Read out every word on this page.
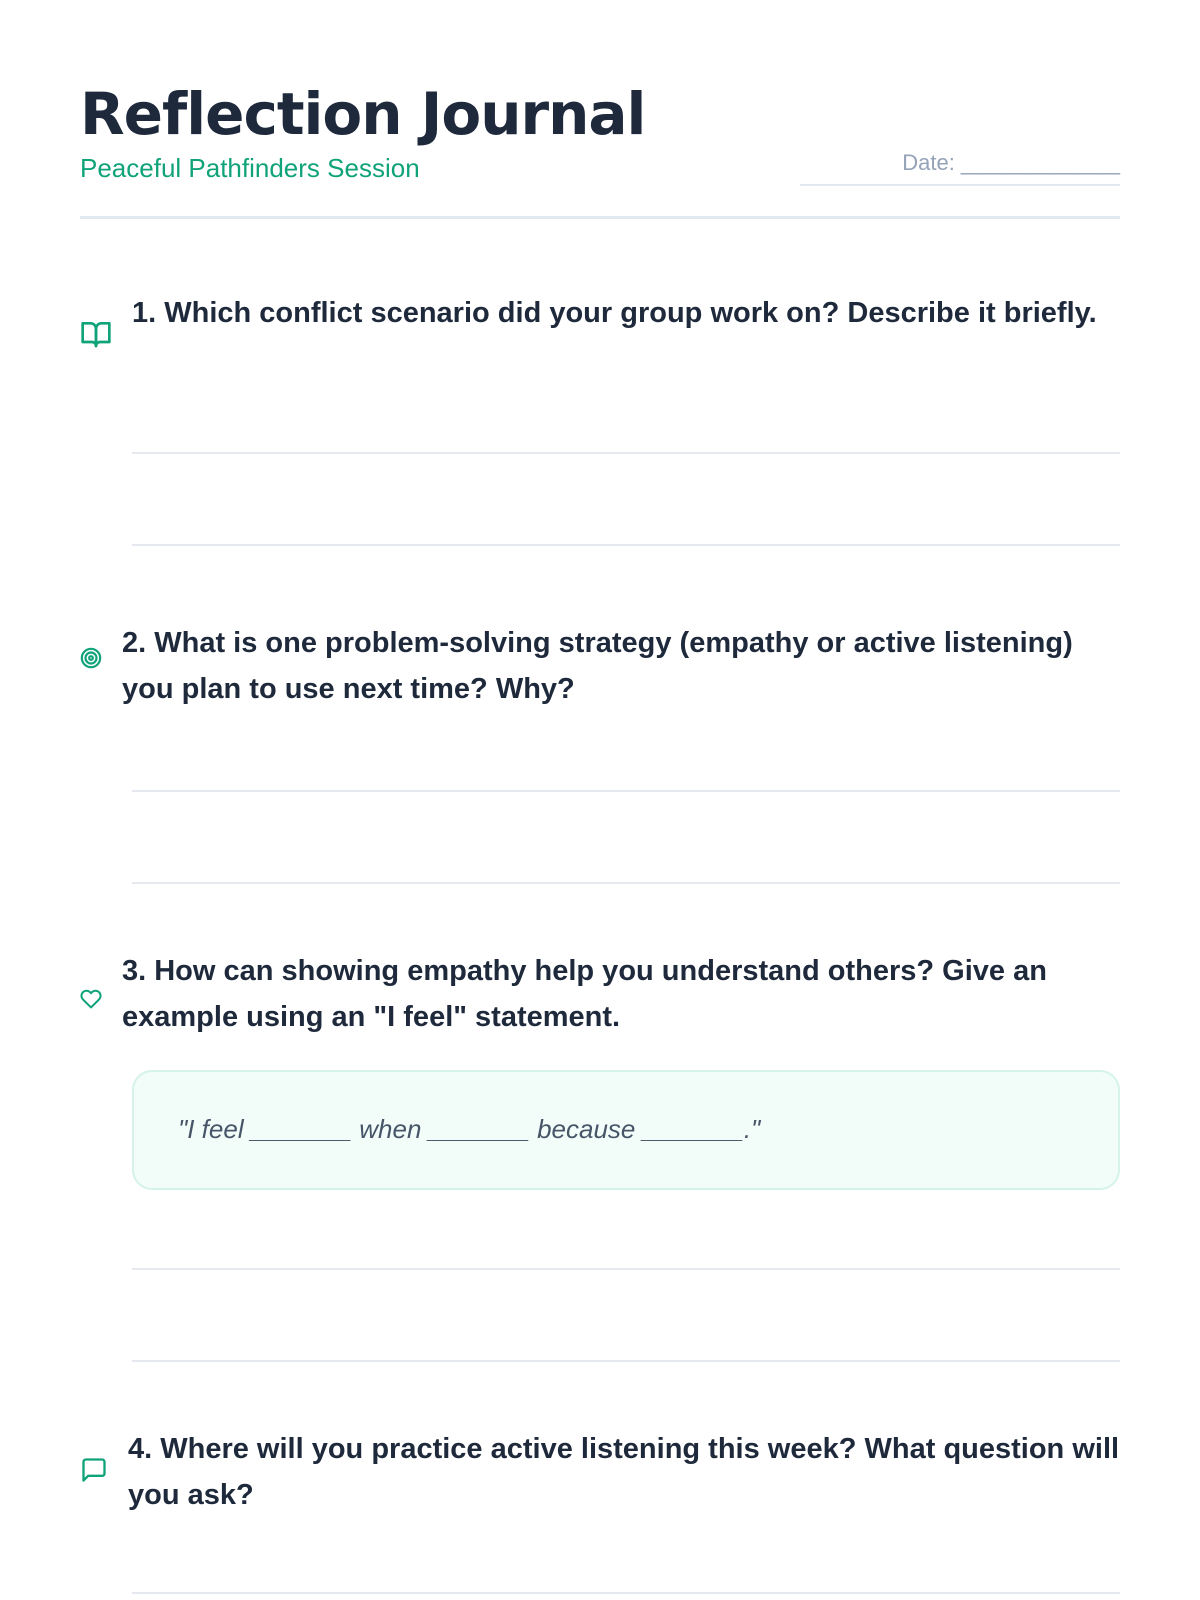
Reflection Journal
Peaceful Pathfinders Session	Date: _____________

1. Which conflict scenario did your group work on? Describe it briefly.

2. What is one problem-solving strategy (empathy or active listening) you plan to use next time? Why?

3. How can showing empathy help you understand others? Give an example using an "I feel" statement.

"I feel _______ when _______ because _______."

4. Where will you practice active listening this week? What question will you ask?
